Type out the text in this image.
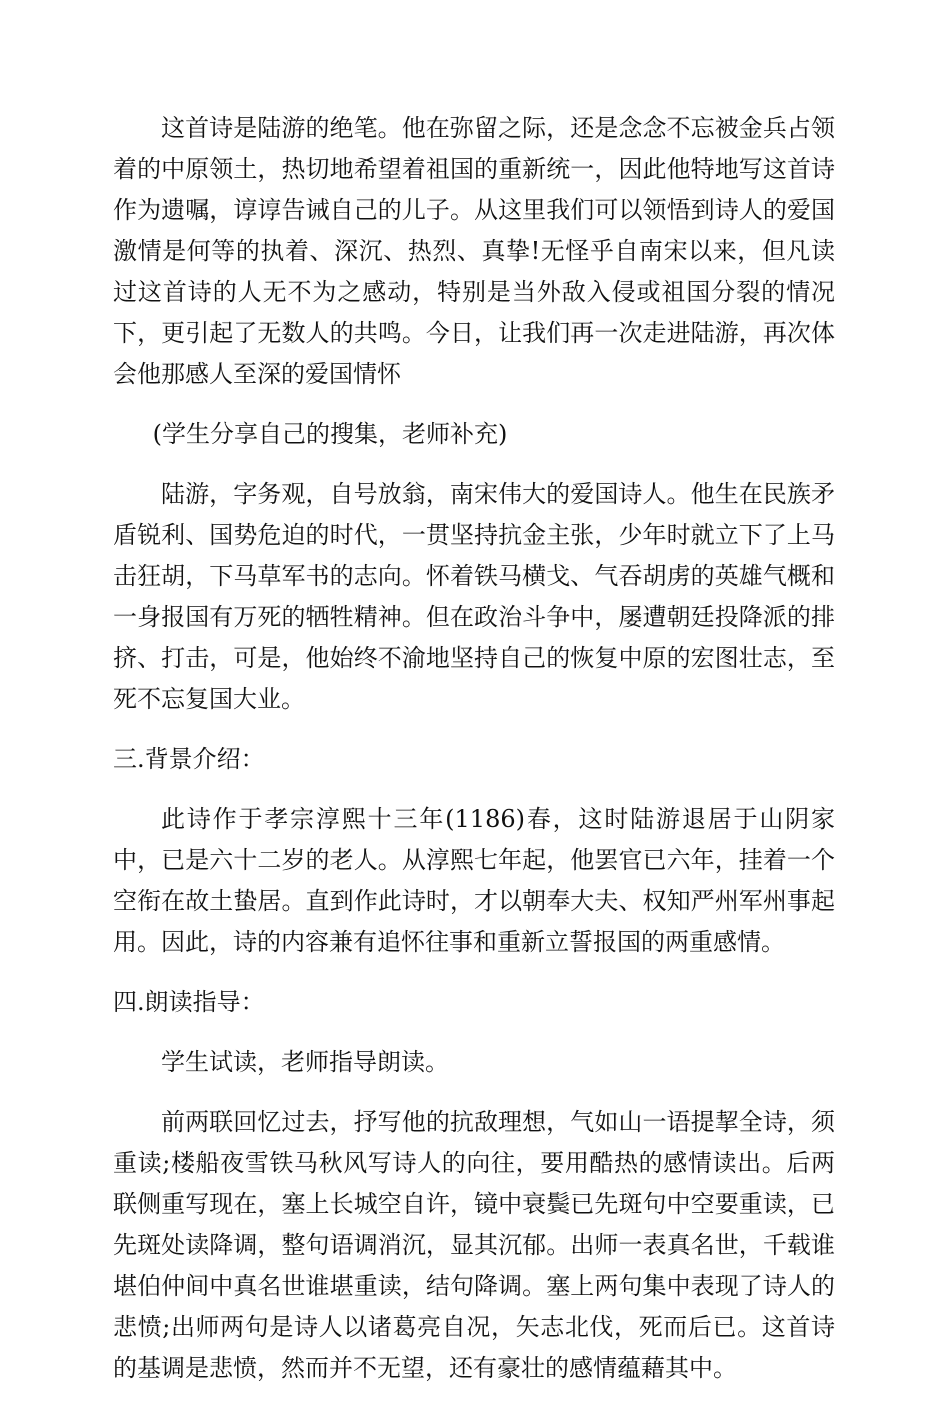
这首诗是陆游的绝笔。他在弥留之际，还是念念不忘被金兵占领着的中原领土，热切地希望着祖国的重新统一，因此他特地写这首诗作为遗嘱，谆谆告诫自己的儿子。从这里我们可以领悟到诗人的爱国激情是何等的执着、深沉、热烈、真挚!无怪乎自南宋以来，但凡读过这首诗的人无不为之感动，特别是当外敌入侵或祖国分裂的情况下，更引起了无数人的共鸣。今日，让我们再一次走进陆游，再次体会他那感人至深的爱国情怀

(学生分享自己的搜集，老师补充)

陆游，字务观，自号放翁，南宋伟大的爱国诗人。他生在民族矛盾锐利、国势危迫的时代，一贯坚持抗金主张，少年时就立下了上马击狂胡，下马草军书的志向。怀着铁马横戈、气吞胡虏的英雄气概和一身报国有万死的牺牲精神。但在政治斗争中，屡遭朝廷投降派的排挤、打击，可是，他始终不渝地坚持自己的恢复中原的宏图壮志，至死不忘复国大业。

三.背景介绍：

此诗作于孝宗淳熙十三年(1186)春，这时陆游退居于山阴家中，已是六十二岁的老人。从淳熙七年起，他罢官已六年，挂着一个空衔在故土蛰居。直到作此诗时，才以朝奉大夫、权知严州军州事起用。因此，诗的内容兼有追怀往事和重新立誓报国的两重感情。

四.朗读指导：

学生试读，老师指导朗读。

前两联回忆过去，抒写他的抗敌理想，气如山一语提挈全诗，须重读;楼船夜雪铁马秋风写诗人的向往，要用酷热的感情读出。后两联侧重写现在，塞上长城空自许，镜中衰鬓已先斑句中空要重读，已先斑处读降调，整句语调消沉，显其沉郁。出师一表真名世，千载谁堪伯仲间中真名世谁堪重读，结句降调。塞上两句集中表现了诗人的悲愤;出师两句是诗人以诸葛亮自况，矢志北伐，死而后已。这首诗的基调是悲愤，然而并不无望，还有豪壮的感情蕴藉其中。
